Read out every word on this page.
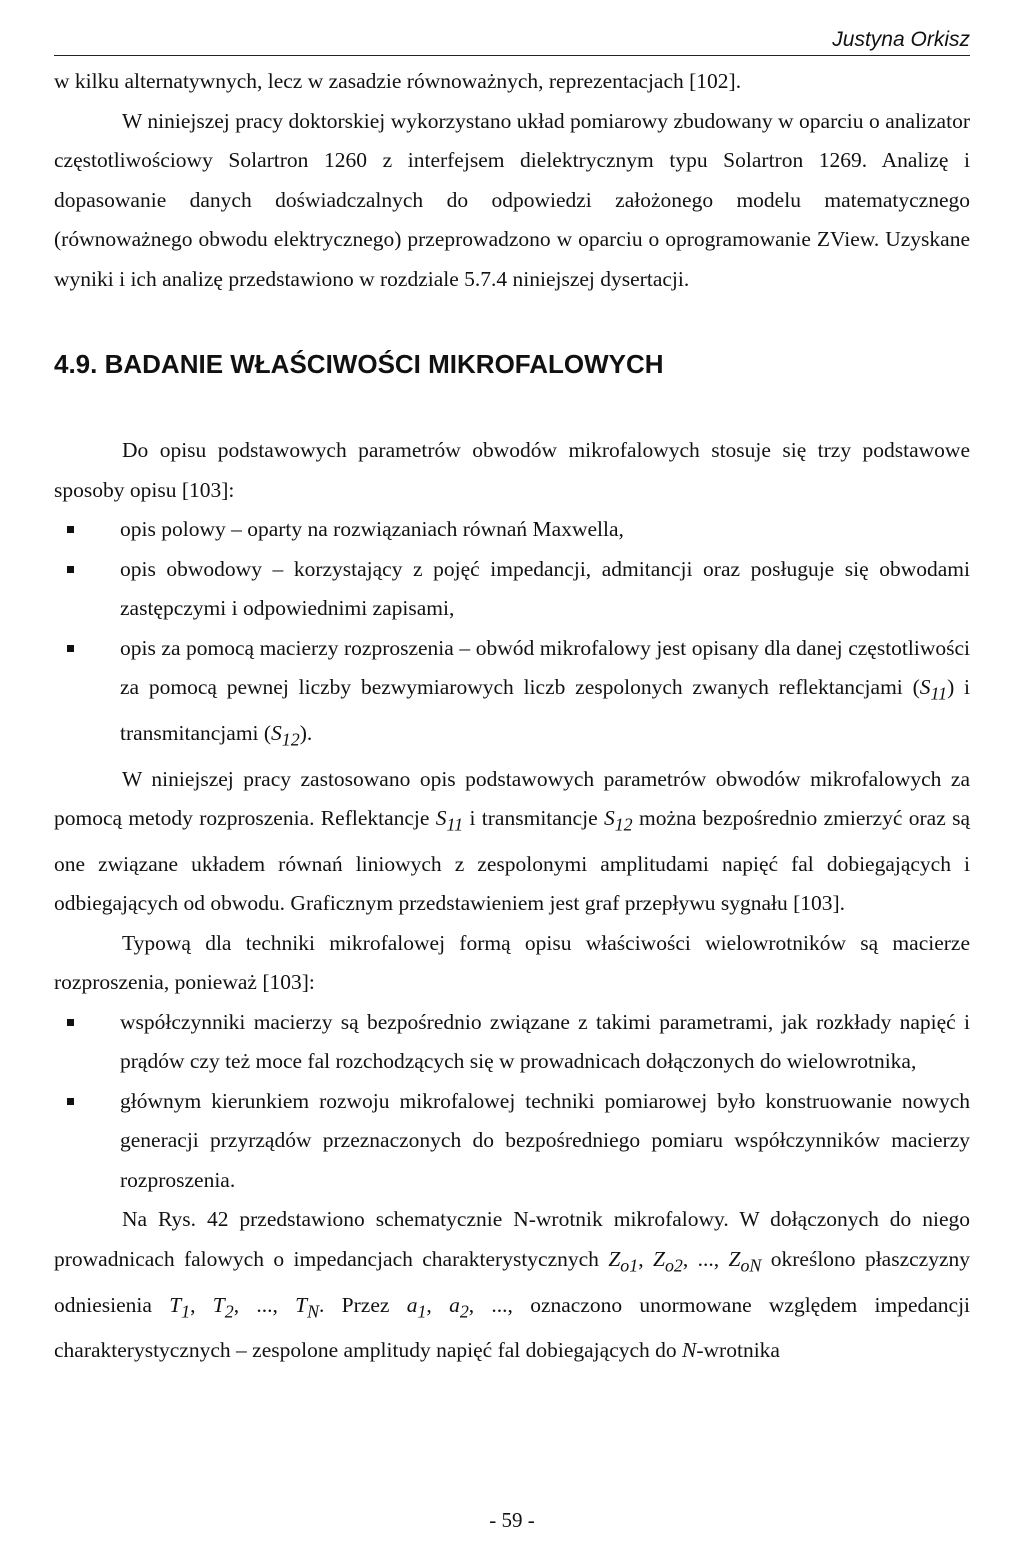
Justyna Orkisz

w kilku alternatywnych, lecz w zasadzie równoważnych, reprezentacjach [102].

W niniejszej pracy doktorskiej wykorzystano układ pomiarowy zbudowany w oparciu o analizator częstotliwościowy Solartron 1260 z interfejsem dielektrycznym typu Solartron 1269. Analizę i dopasowanie danych doświadczalnych do odpowiedzi założonego modelu matematycznego (równoważnego obwodu elektrycznego) przeprowadzono w oparciu o oprogramowanie ZView. Uzyskane wyniki i ich analizę przedstawiono w rozdziale 5.7.4 niniejszej dysertacji.

4.9. BADANIE WŁAŚCIWOŚCI MIKROFALOWYCH

Do opisu podstawowych parametrów obwodów mikrofalowych stosuje się trzy podstawowe sposoby opisu [103]:

opis polowy – oparty na rozwiązaniach równań Maxwella,
opis obwodowy – korzystający z pojęć impedancji, admitancji oraz posługuje się obwodami zastępczymi i odpowiednimi zapisami,
opis za pomocą macierzy rozproszenia – obwód mikrofalowy jest opisany dla danej częstotliwości za pomocą pewnej liczby bezwymiarowych liczb zespolonych zwanych reflektancjami $(S_{11})$ i transmitancjami $(S_{12})$.

W niniejszej pracy zastosowano opis podstawowych parametrów obwodów mikrofalowych za pomocą metody rozproszenia. Reflektancje $S_{11}$ i transmitancje $S_{12}$ można bezpośrednio zmierzyć oraz są one związane układem równań liniowych z zespolonymi amplitudami napięć fal dobiegających i odbiegających od obwodu. Graficznym przedstawieniem jest graf przepływu sygnału [103].

Typową dla techniki mikrofalowej formą opisu właściwości wielowrotników są macierze rozproszenia, ponieważ [103]:

współczynniki macierzy są bezpośrednio związane z takimi parametrami, jak rozkłady napięć i prądów czy też moce fal rozchodzących się w prowadnicach dołączonych do wielowrotnika,
głównym kierunkiem rozwoju mikrofalowej techniki pomiarowej było konstruowanie nowych generacji przyrządów przeznaczonych do bezpośredniego pomiaru współczynników macierzy rozproszenia.

Na Rys. 42 przedstawiono schematycznie N-wrotnik mikrofalowy. W dołączonych do niego prowadnicach falowych o impedancjach charakterystycznych $Z_{o1}$, $Z_{o2}$, ..., $Z_{oN}$ określono płaszczyzny odniesienia $T_1$, $T_2$, ..., $T_N$. Przez $a_1$, $a_2$, ..., oznaczono unormowane względem impedancji charakterystycznych – zespolone amplitudy napięć fal dobiegających do N-wrotnika

- 59 -
